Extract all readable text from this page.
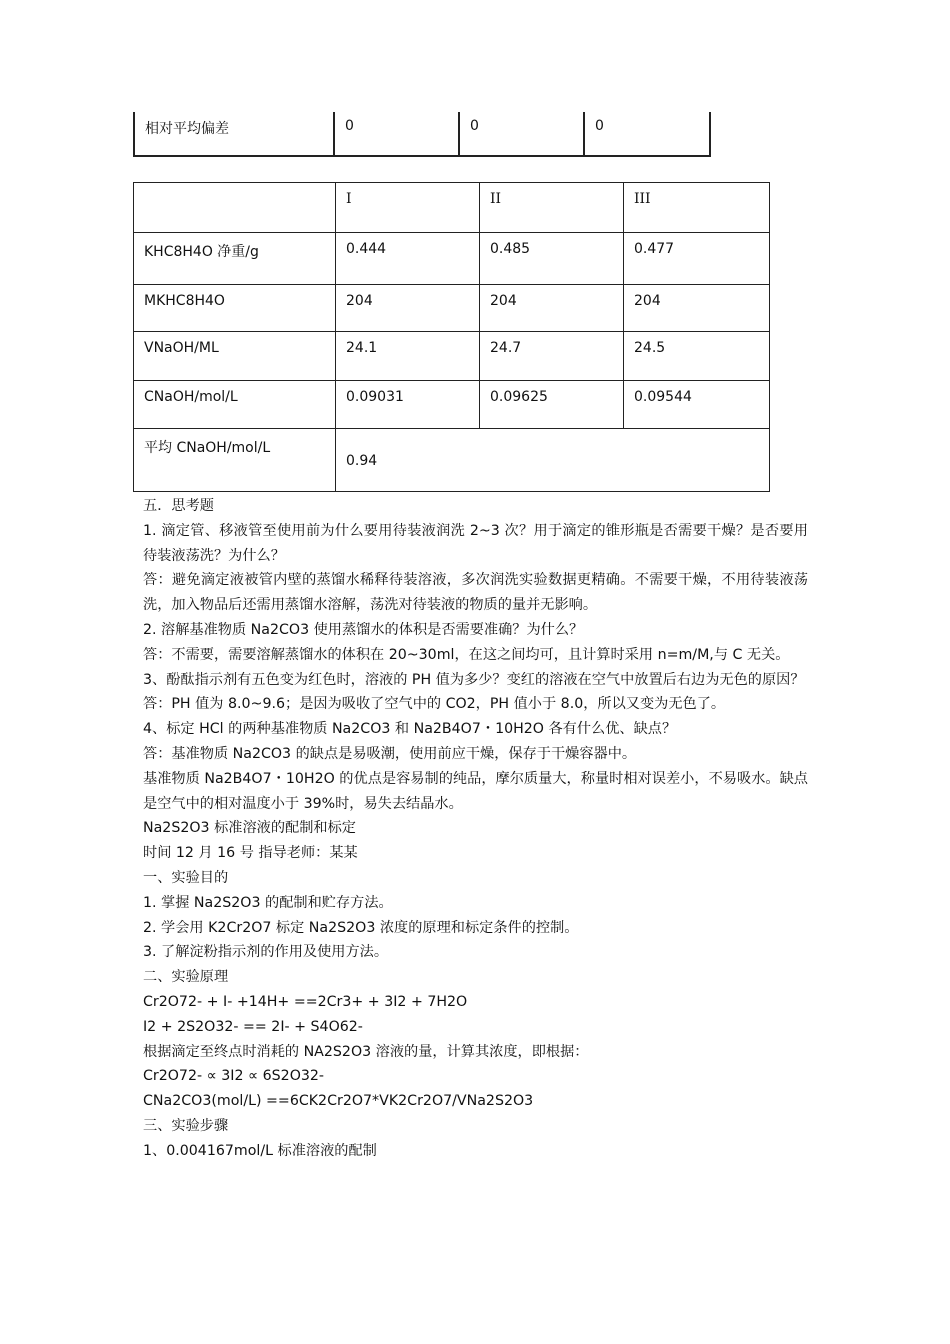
相对平均偏差	0	0	0
	I	II	III
KHC8H4O 净重/g	0.444	0.485	0.477
MKHC8H4O	204	204	204
VNaOH/ML	24.1	24.7	24.5
CNaOH/mol/L	0.09031	0.09625	0.09544
平均 CNaOH/mol/L	0.94		

五．思考题

1. 滴定管、移液管至使用前为什么要用待装液润洗 2~3 次？用于滴定的锥形瓶是否需要干燥？是否要用待装液荡洗？为什么？

答：避免滴定液被管内壁的蒸馏水稀释待装溶液，多次润洗实验数据更精确。不需要干燥，不用待装液荡洗，加入物品后还需用蒸馏水溶解，荡洗对待装液的物质的量并无影响。

2. 溶解基准物质 Na2CO3 使用蒸馏水的体积是否需要准确？为什么？

答：不需要，需要溶解蒸馏水的体积在 20~30ml，在这之间均可，且计算时采用 n=m/M,与 C 无关。

3、酚酞指示剂有五色变为红色时，溶液的 PH 值为多少？变红的溶液在空气中放置后右边为无色的原因？

答：PH 值为 8.0~9.6；是因为吸收了空气中的 CO2，PH 值小于 8.0，所以又变为无色了。

4、标定 HCl 的两种基准物质 Na2CO3 和 Na2B4O7・10H2O 各有什么优、缺点？

答：基准物质 Na2CO3 的缺点是易吸潮，使用前应干燥，保存于干燥容器中。

基准物质 Na2B4O7・10H2O 的优点是容易制的纯品，摩尔质量大，称量时相对误差小，不易吸水。缺点是空气中的相对温度小于 39%时，易失去结晶水。

Na2S2O3 标准溶液的配制和标定

时间 12 月 16 号 指导老师：某某

一、实验目的

1. 掌握 Na2S2O3 的配制和贮存方法。

2. 学会用 K2Cr2O7 标定 Na2S2O3 浓度的原理和标定条件的控制。

3. 了解淀粉指示剂的作用及使用方法。

二、实验原理

Cr2O72- + I- +14H+ ==2Cr3+ + 3I2 + 7H2O

I2 + 2S2O32- == 2I- + S4O62-

根据滴定至终点时消耗的 NA2S2O3 溶液的量，计算其浓度，即根据：

Cr2O72- ∝ 3I2 ∝ 6S2O32-

CNa2CO3(mol/L) ==6CK2Cr2O7*VK2Cr2O7/VNa2S2O3

三、实验步骤

1、0.004167mol/L 标准溶液的配制
